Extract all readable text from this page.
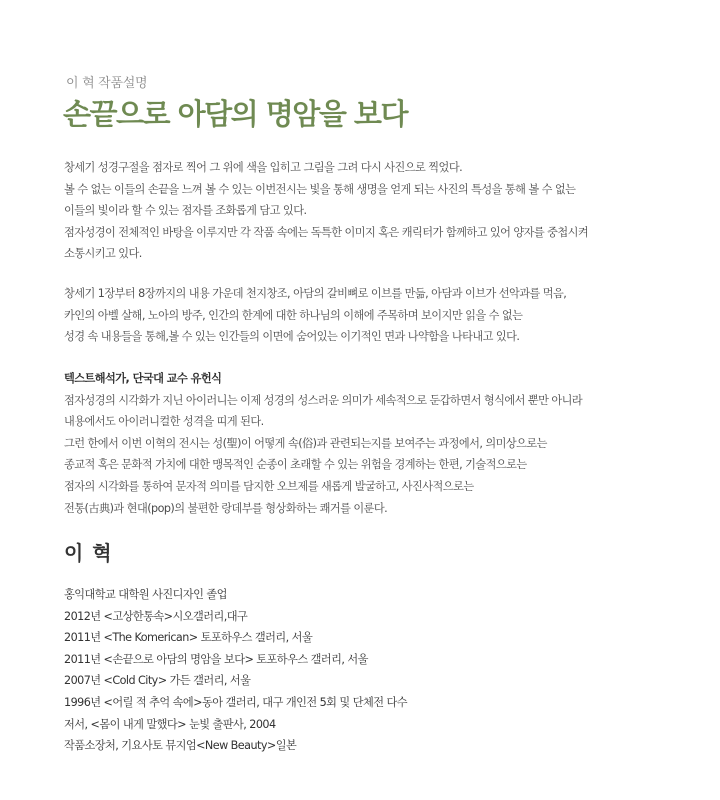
이 혁 작품설명
손끝으로 아담의 명암을 보다
창세기 성경구절을 점자로 찍어 그 위에 색을 입히고 그림을 그려 다시 사진으로 찍었다.
볼 수 없는 이들의 손끝을 느껴 볼 수 있는 이번전시는 빛을 통해 생명을 얻게 되는 사진의 특성을 통해 볼 수 없는
이들의 빛이라 할 수 있는 점자를 조화롭게 담고 있다.
점자성경이 전체적인 바탕을 이루지만 각 작품 속에는 독특한 이미지 혹은 캐릭터가 함께하고 있어 양자를 중첩시켜
소통시키고 있다.
창세기 1장부터 8장까지의 내용 가운데 천지창조, 아담의 갈비뼈로 이브를 만듦, 아담과 이브가 선악과를 먹음,
카인의 아벨 살해, 노아의 방주, 인간의 한계에 대한 하나님의 이해에 주목하며 보이지만 읽을 수 없는
성경 속 내용들을 통해,볼 수 있는 인간들의 이면에 숨어있는 이기적인 면과 나약함을 나타내고 있다.
텍스트해석가, 단국대 교수 유헌식
점자성경의 시각화가 지닌 아이러니는 이제 성경의 성스러운 의미가 세속적으로 둔갑하면서 형식에서 뿐만 아니라
내용에서도 아이러니컬한 성격을 띠게 된다.
그런 한에서 이번 이혁의 전시는 성(聖)이 어떻게 속(俗)과 관련되는지를 보여주는 과정에서, 의미상으로는
종교적 혹은 문화적 가치에 대한 맹목적인 순종이 초래할 수 있는 위험을 경계하는 한편, 기술적으로는
점자의 시각화를 통하여 문자적 의미를 담지한 오브제를 새롭게 발굴하고, 사진사적으로는
전통(古典)과 현대(pop)의 불편한 랑데부를 형상화하는 쾌거를 이룬다.
이 혁
홍익대학교 대학원 사진디자인 졸업
2012년 <고상한통속>시오갤러리,대구
2011년 <The Komerican> 토포하우스 갤러리, 서울
2011년 <손끝으로 아담의 명암을 보다> 토포하우스 갤러리, 서울
2007년 <Cold City> 가든 갤러리, 서울
1996년 <어릴 적 추억 속에>동아 갤러리, 대구 개인전 5회 및 단체전 다수
저서, <몸이 내게 말했다> 눈빛 출판사, 2004
작품소장처, 기요사토 뮤지엄<New Beauty>일본
